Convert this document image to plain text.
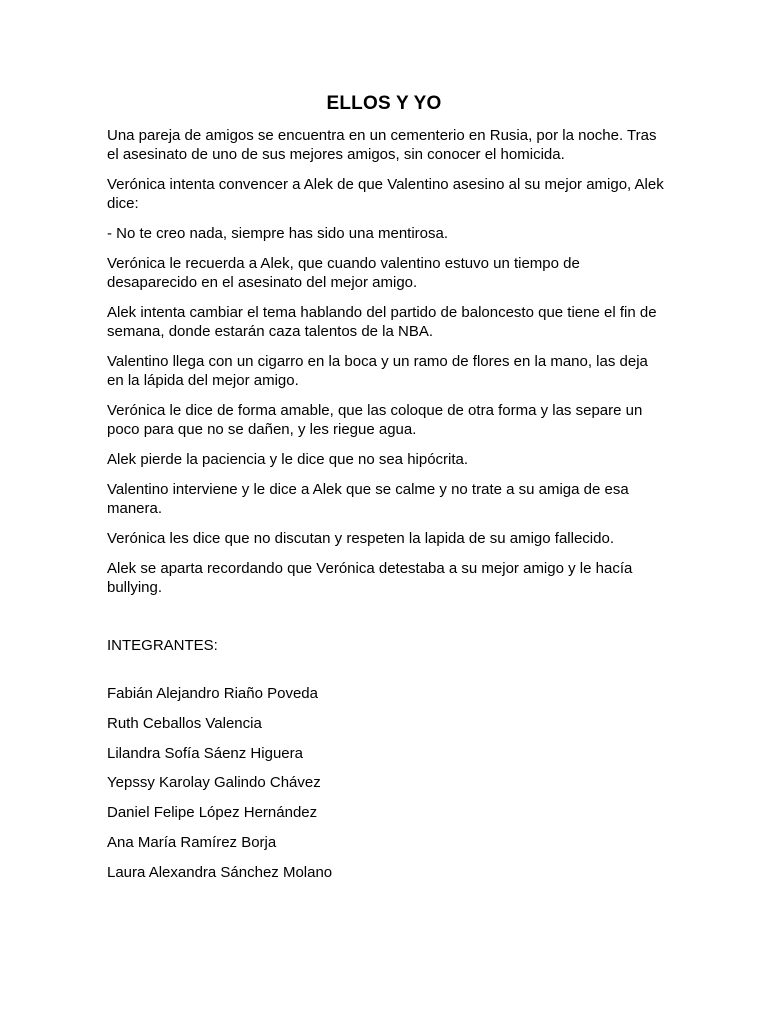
ELLOS Y YO

Una pareja de amigos se encuentra en un cementerio en Rusia, por la noche. Tras el asesinato de uno de sus mejores amigos, sin conocer el homicida.

Verónica intenta convencer a Alek de que Valentino asesino al su mejor amigo, Alek dice:

- No te creo nada, siempre has sido una mentirosa.

Verónica le recuerda a Alek, que cuando valentino estuvo un tiempo de desaparecido en el asesinato del mejor amigo.

Alek intenta cambiar el tema hablando del partido de baloncesto que tiene el fin de semana, donde estarán caza talentos de la NBA.

Valentino llega con un cigarro en la boca y un ramo de flores en la mano, las deja en la lápida del mejor amigo.

Verónica le dice de forma amable, que las coloque de otra forma y las separe un poco para que no se dañen, y les riegue agua.

Alek pierde la paciencia y le dice que no sea hipócrita.

Valentino interviene y le dice a Alek que se calme y no trate a su amiga de esa manera.

Verónica les dice que no discutan y respeten la lapida de su amigo fallecido.

Alek se aparta recordando que Verónica detestaba a su mejor amigo y le hacía bullying.

INTEGRANTES:
Fabián Alejandro Riaño Poveda
Ruth Ceballos Valencia
Lilandra Sofía Sáenz Higuera
Yepssy Karolay Galindo Chávez
Daniel Felipe López Hernández
Ana María Ramírez Borja
Laura Alexandra Sánchez Molano
